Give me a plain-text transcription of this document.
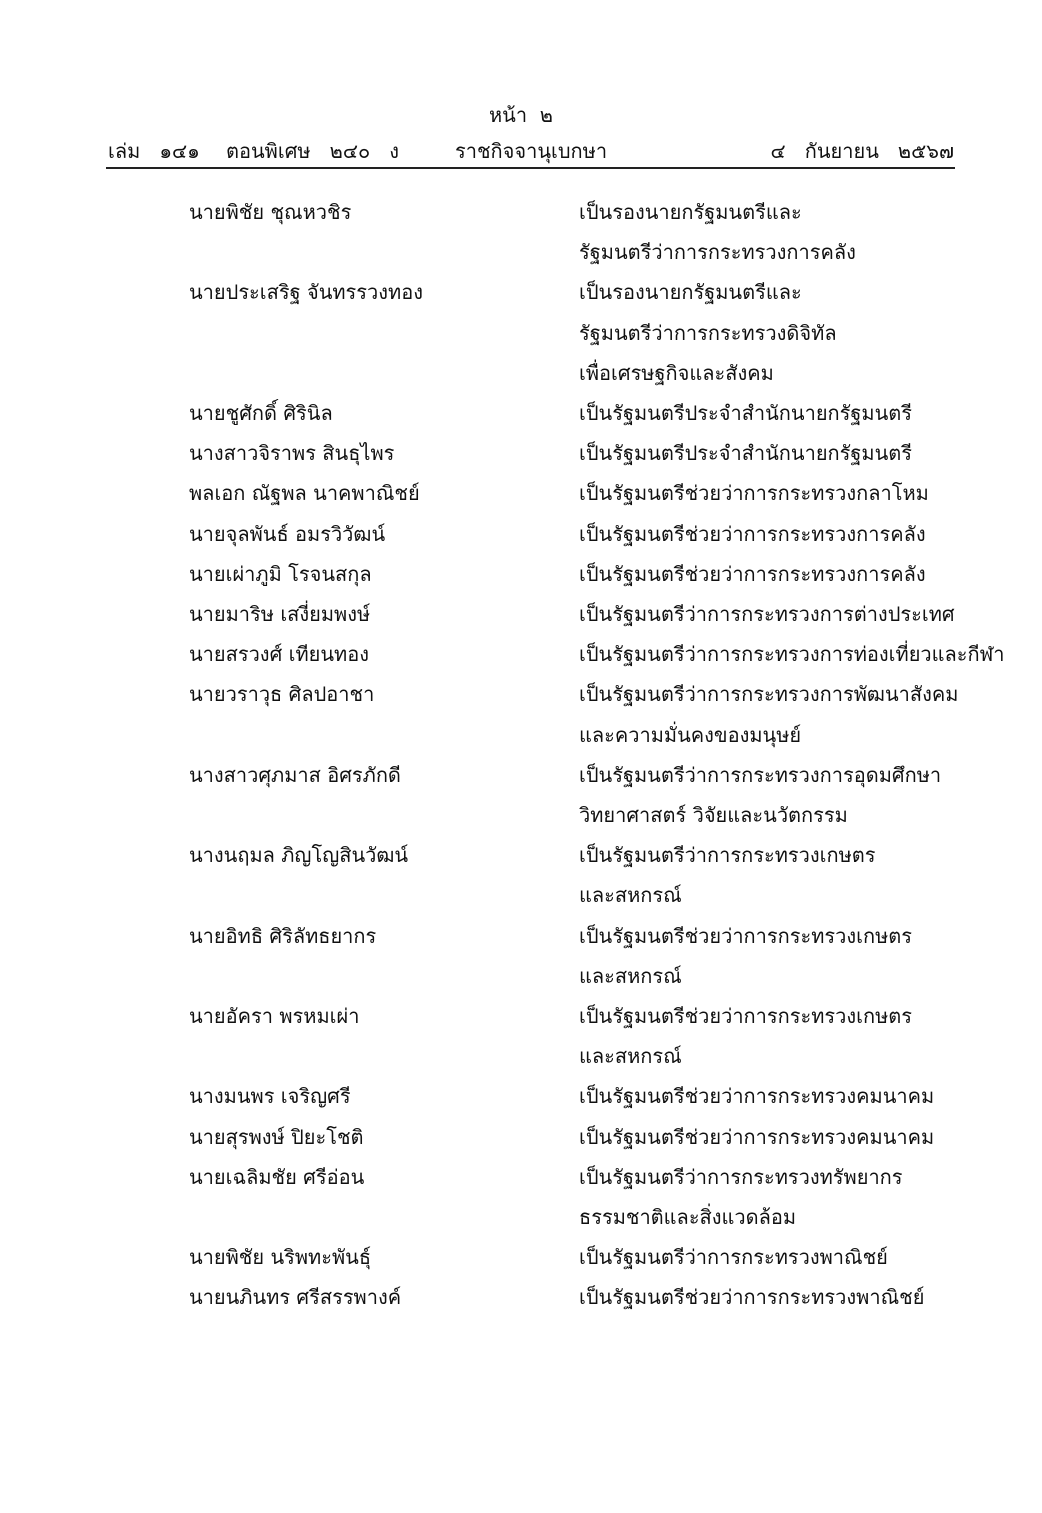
หน้า  ๒
เล่ม   ๑๔๑ ตอนพิเศษ   ๒๔๐   ง	ราชกิจจานุเบกษา	๔   กันยายน   ๒๕๖๗
นายพิชัย ชุณหวชิร	เป็นรองนายกรัฐมนตรีและ
รัฐมนตรีว่าการกระทรวงการคลัง
นายประเสริฐ จันทรรวงทอง	เป็นรองนายกรัฐมนตรีและ
รัฐมนตรีว่าการกระทรวงดิจิทัล
เพื่อเศรษฐกิจและสังคม
นายชูศักดิ์ ศิรินิล	เป็นรัฐมนตรีประจำสำนักนายกรัฐมนตรี
นางสาวจิราพร สินธุไพร	เป็นรัฐมนตรีประจำสำนักนายกรัฐมนตรี
พลเอก ณัฐพล นาคพาณิชย์	เป็นรัฐมนตรีช่วยว่าการกระทรวงกลาโหม
นายจุลพันธ์ อมรวิวัฒน์	เป็นรัฐมนตรีช่วยว่าการกระทรวงการคลัง
นายเผ่าภูมิ โรจนสกุล	เป็นรัฐมนตรีช่วยว่าการกระทรวงการคลัง
นายมาริษ เสงี่ยมพงษ์	เป็นรัฐมนตรีว่าการกระทรวงการต่างประเทศ
นายสรวงศ์ เทียนทอง	เป็นรัฐมนตรีว่าการกระทรวงการท่องเที่ยวและกีฬา
นายวราวุธ ศิลปอาชา	เป็นรัฐมนตรีว่าการกระทรวงการพัฒนาสังคม
และความมั่นคงของมนุษย์
นางสาวศุภมาส อิศรภักดี	เป็นรัฐมนตรีว่าการกระทรวงการอุดมศึกษา
วิทยาศาสตร์ วิจัยและนวัตกรรม
นางนฤมล ภิญโญสินวัฒน์	เป็นรัฐมนตรีว่าการกระทรวงเกษตร
และสหกรณ์
นายอิทธิ ศิริลัทธยากร	เป็นรัฐมนตรีช่วยว่าการกระทรวงเกษตร
และสหกรณ์
นายอัครา พรหมเผ่า	เป็นรัฐมนตรีช่วยว่าการกระทรวงเกษตร
และสหกรณ์
นางมนพร เจริญศรี	เป็นรัฐมนตรีช่วยว่าการกระทรวงคมนาคม
นายสุรพงษ์ ปิยะโชติ	เป็นรัฐมนตรีช่วยว่าการกระทรวงคมนาคม
นายเฉลิมชัย ศรีอ่อน	เป็นรัฐมนตรีว่าการกระทรวงทรัพยากร
ธรรมชาติและสิ่งแวดล้อม
นายพิชัย นริพทะพันธุ์	เป็นรัฐมนตรีว่าการกระทรวงพาณิชย์
นายนภินทร ศรีสรรพางค์	เป็นรัฐมนตรีช่วยว่าการกระทรวงพาณิชย์
